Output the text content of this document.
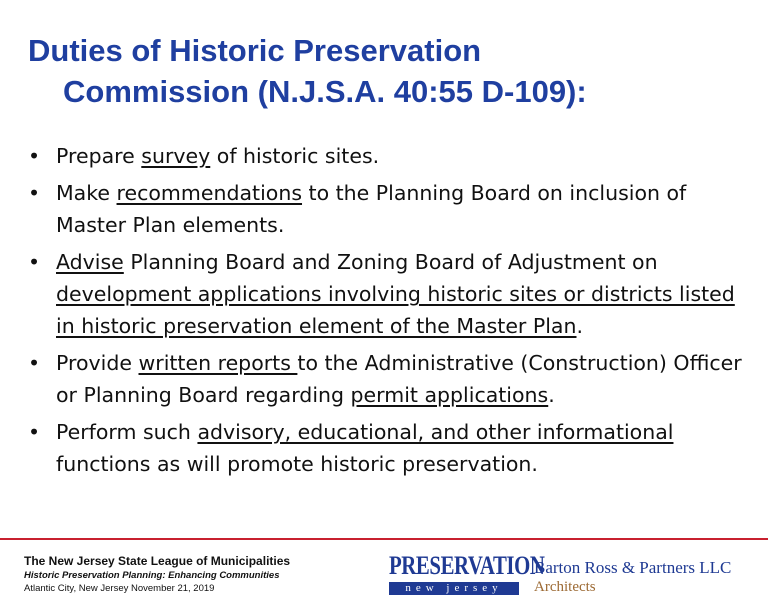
Duties of Historic Preservation
Commission (N.J.S.A. 40:55 D-109):
• Prepare survey of historic sites.
• Make recommendations to the Planning Board on inclusion of Master Plan elements.
• Advise Planning Board and Zoning Board of Adjustment on development applications involving historic sites or districts listed in historic preservation element of the Master Plan.
• Provide written reports to the Administrative (Construction) Officer or Planning Board regarding permit applications.
• Perform such advisory, educational, and other informational functions as will promote historic preservation.
The New Jersey State League of Municipalities
Historic Preservation Planning: Enhancing Communities
Atlantic City, New Jersey November 21, 2019
PRESERVATION
new jersey
Barton Ross & Partners LLC
Architects
